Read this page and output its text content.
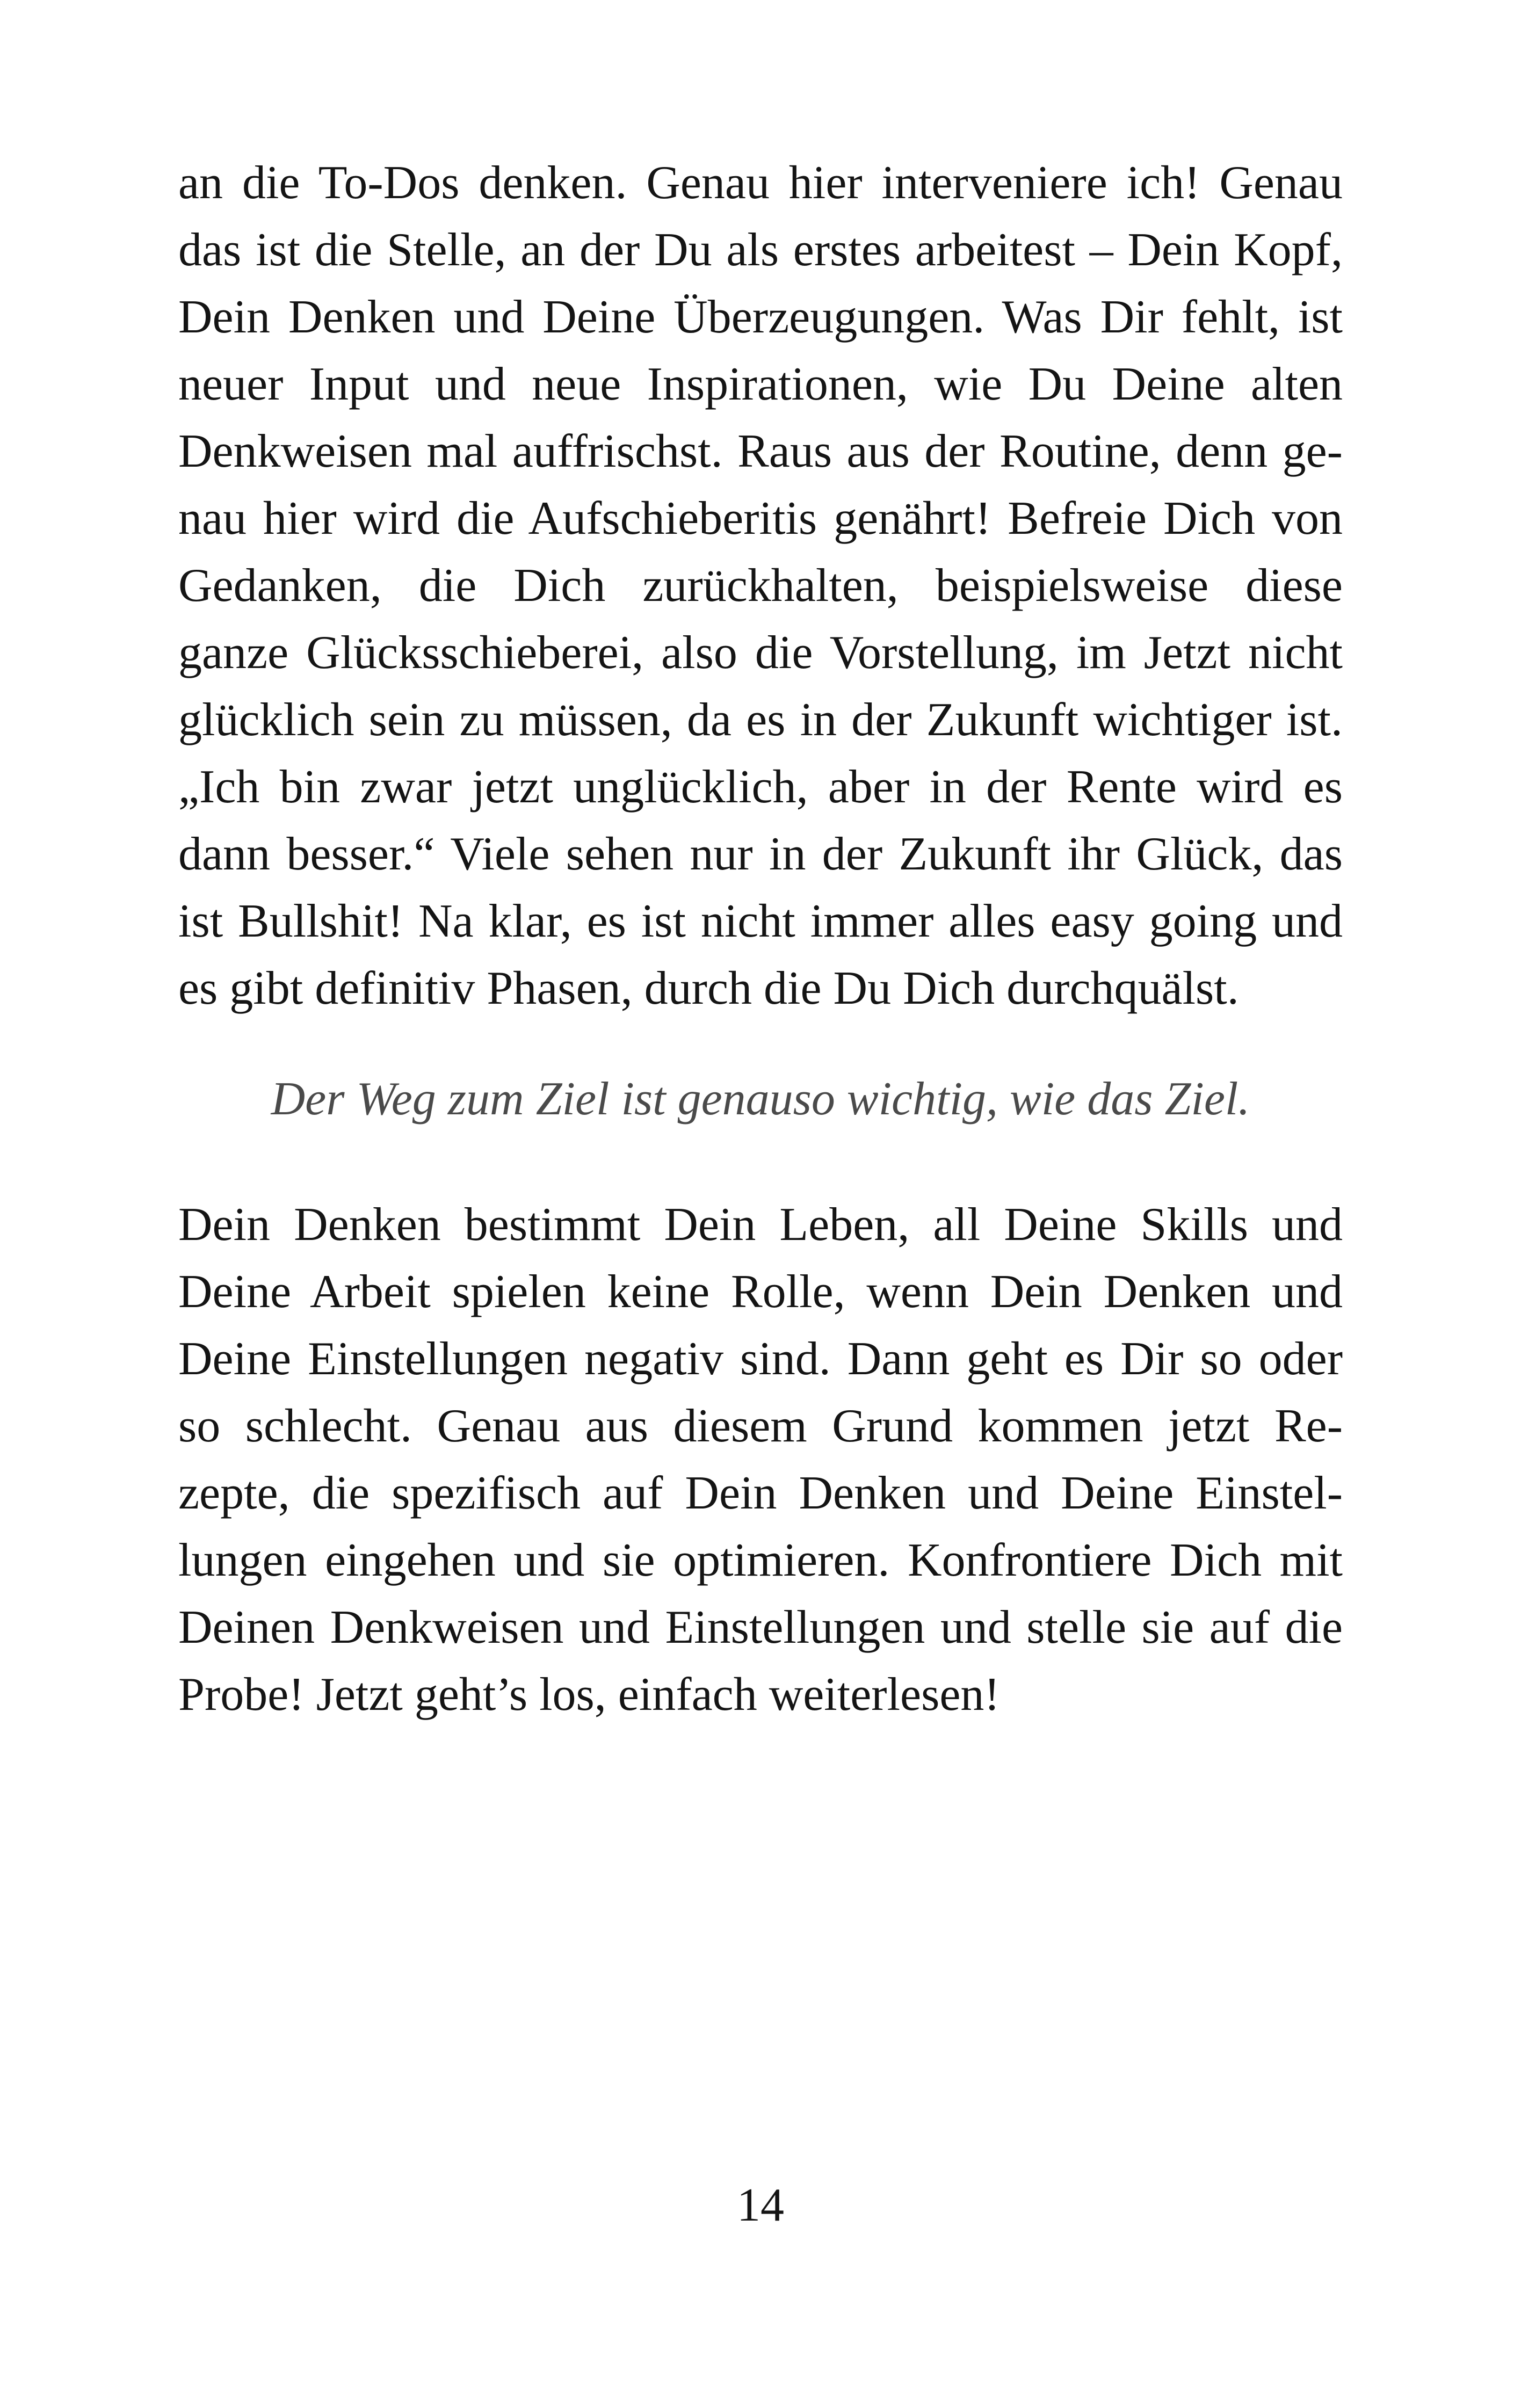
an die To-Dos denken. Genau hier interveniere ich! Genau
das ist die Stelle, an der Du als erstes arbeitest – Dein Kopf,
Dein Denken und Deine Überzeugungen. Was Dir fehlt, ist
neuer Input und neue Inspirationen, wie Du Deine alten
Denkweisen mal auffrischst. Raus aus der Routine, denn ge-
nau hier wird die Aufschieberitis genährt! Befreie Dich von
Gedanken, die Dich zurückhalten, beispielsweise diese
ganze Glücksschieberei, also die Vorstellung, im Jetzt nicht
glücklich sein zu müssen, da es in der Zukunft wichtiger ist.
„Ich bin zwar jetzt unglücklich, aber in der Rente wird es
dann besser.“ Viele sehen nur in der Zukunft ihr Glück, das
ist Bullshit! Na klar, es ist nicht immer alles easy going und
es gibt definitiv Phasen, durch die Du Dich durchquälst.
Der Weg zum Ziel ist genauso wichtig, wie das Ziel.
Dein Denken bestimmt Dein Leben, all Deine Skills und
Deine Arbeit spielen keine Rolle, wenn Dein Denken und
Deine Einstellungen negativ sind. Dann geht es Dir so oder
so schlecht. Genau aus diesem Grund kommen jetzt Re-
zepte, die spezifisch auf Dein Denken und Deine Einstel-
lungen eingehen und sie optimieren. Konfrontiere Dich mit
Deinen Denkweisen und Einstellungen und stelle sie auf die
Probe! Jetzt geht’s los, einfach weiterlesen!
14
